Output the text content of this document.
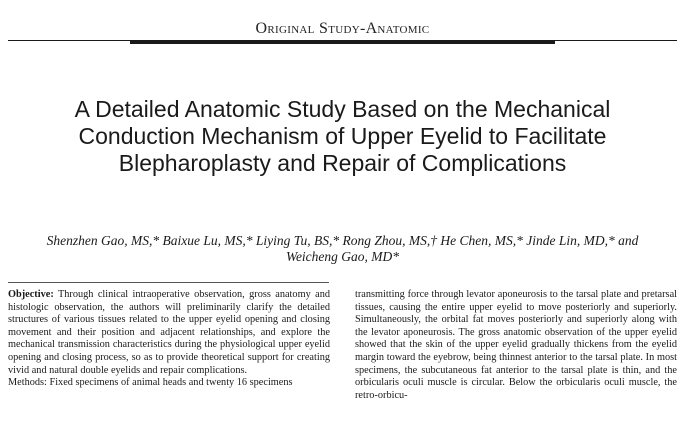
Original Study-Anatomic
A Detailed Anatomic Study Based on the Mechanical Conduction Mechanism of Upper Eyelid to Facilitate Blepharoplasty and Repair of Complications
Shenzhen Gao, MS,* Baixue Lu, MS,* Liying Tu, BS,* Rong Zhou, MS,† He Chen, MS,* Jinde Lin, MD,* and Weicheng Gao, MD*

Objective: Through clinical intraoperative observation, gross anatomy and histologic observation, the authors will preliminarily clarify the detailed structures of various tissues related to the upper eyelid opening and closing movement and their position and adjacent relationships, and explore the mechanical transmission characteristics during the physiological upper eyelid opening and closing process, so as to provide theoretical support for creating vivid and natural double eyelids and repair complications.

Methods: Fixed specimens of animal heads and twenty 16 specimens

transmitting force through levator aponeurosis to the tarsal plate and pretarsal tissues, causing the entire upper eyelid to move posteriorly and superiorly. Simultaneously, the orbital fat moves posteriorly and superiorly along with the levator aponeurosis. The gross anatomic observation of the upper eyelid showed that the skin of the upper eyelid gradually thickens from the eyelid margin toward the eyebrow, being thinnest anterior to the tarsal plate. In most specimens, the subcutaneous fat anterior to the tarsal plate is thin, and the orbicularis oculi muscle is circular. Below the orbicularis oculi muscle, the retro-orbicu-
